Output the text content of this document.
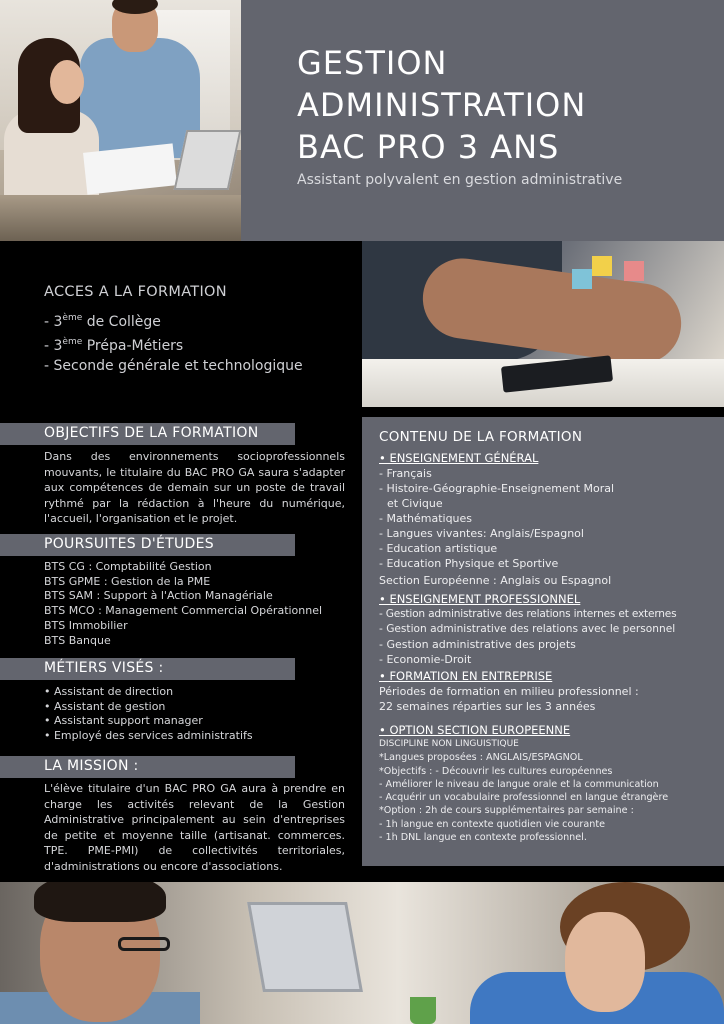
GESTION
ADMINISTRATION
BAC PRO 3 ANS
Assistant polyvalent en gestion administrative
ACCES A LA FORMATION
- 3ème de Collège
- 3ème Prépa-Métiers
- Seconde générale et technologique
OBJECTIFS DE LA FORMATION

Dans des environnements socioprofessionnels mouvants, le titulaire du BAC PRO GA saura s'adapter aux compétences de demain sur un poste de travail rythmé par la rédaction à l'heure du numérique, l'accueil, l'organisation et le projet.

POURSUITES D'ÉTUDES
BTS CG : Comptabilité Gestion
BTS GPME : Gestion de la PME
BTS SAM : Support à l'Action Managériale
BTS MCO : Management Commercial Opérationnel
BTS Immobilier
BTS Banque
MÉTIERS VISÉS :
• Assistant de direction
• Assistant de gestion
• Assistant support manager
• Employé des services administratifs
LA MISSION :

L'élève titulaire d'un BAC PRO GA aura à prendre en charge les activités relevant de la Gestion Administrative principalement au sein d'entreprises de petite et moyenne taille (artisanat. commerces. TPE. PME-PMI) de collectivités territoriales, d'administrations ou encore d'associations.

CONTENU DE LA FORMATION
• ENSEIGNEMENT GÉNÉRAL
- Français
- Histoire-Géographie-Enseignement Moral
et Civique
- Mathématiques
- Langues vivantes: Anglais/Espagnol
- Education artistique
- Education Physique et Sportive
Section Européenne : Anglais ou Espagnol
• ENSEIGNEMENT PROFESSIONNEL
- Gestion administrative des relations internes et externes
- Gestion administrative des relations avec le personnel
- Gestion administrative des projets
- Economie-Droit
• FORMATION EN ENTREPRISE
Périodes de formation en milieu professionnel :
22 semaines réparties sur les 3 années
• OPTION SECTION EUROPEENNE
DISCIPLINE NON LINGUISTIQUE
*Langues proposées : ANGLAIS/ESPAGNOL
*Objectifs : - Découvrir les cultures européennes
- Améliorer le niveau de langue orale et la communication
- Acquérir un vocabulaire professionnel en langue étrangère
*Option : 2h de cours supplémentaires par semaine :
- 1h langue en contexte quotidien vie courante
- 1h DNL langue en contexte professionnel.
